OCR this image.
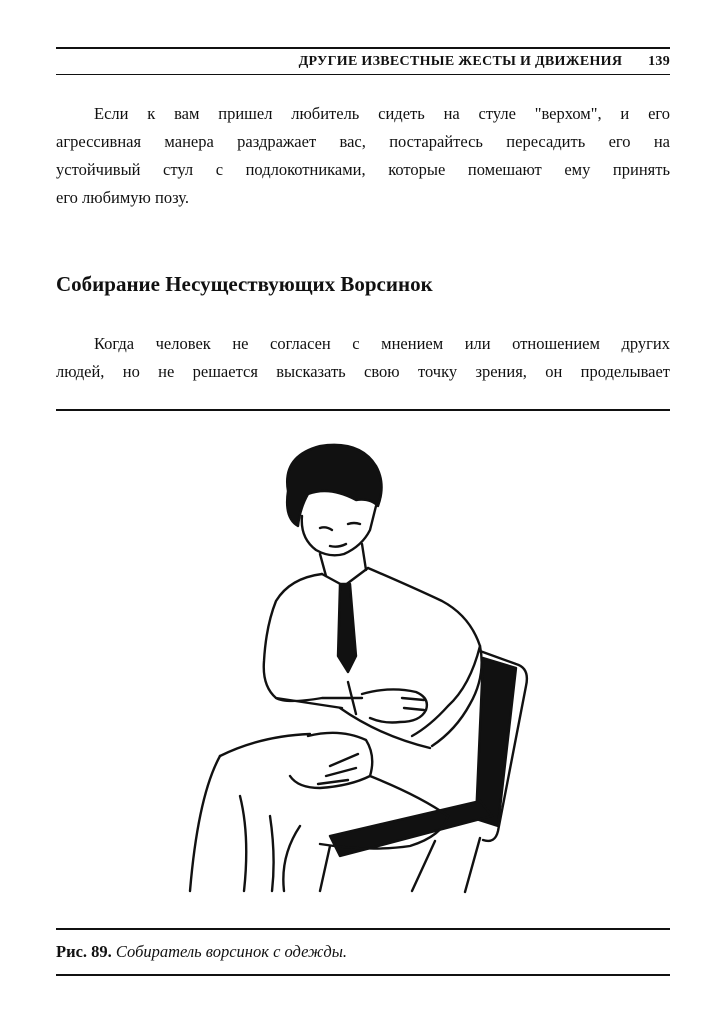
ДРУГИЕ ИЗВЕСТНЫЕ ЖЕСТЫ И ДВИЖЕНИЯ 139
Если к вам пришел любитель сидеть на стуле "верхом", и его
агрессивная манера раздражает вас, постарайтесь пересадить его на
устойчивый стул с подлокотниками, которые помешают ему принять
его любимую позу.
Собирание Несуществующих Ворсинок
Когда человек не согласен с мнением или отношением других
людей, но не решается высказать свою точку зрения, он проделывает
Рис. 89. Собиратель ворсинок с одежды.
